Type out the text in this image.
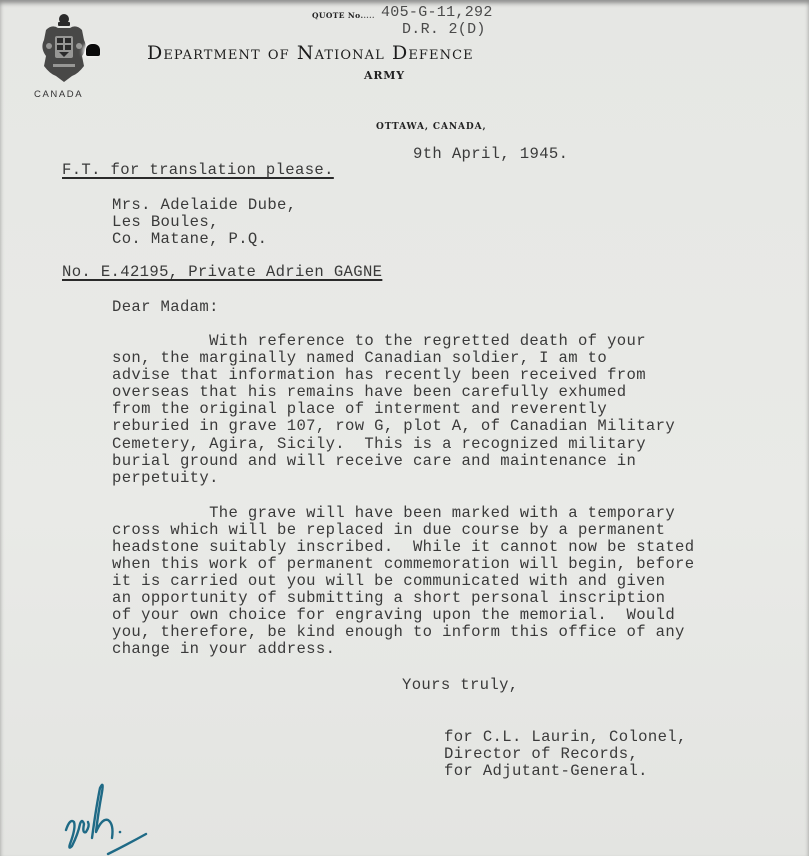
CANADA
QUOTE No..... 405-G-11,292
D.R. 2(D)
Department of National Defence
ARMY
OTTAWA, CANADA,
9th April, 1945.
F.T. for translation please.
Mrs. Adelaide Dube,
Les Boules,
Co. Matane, P.Q.
No. E.42195, Private Adrien GAGNE
Dear Madam:
With reference to the regretted death of your
son, the marginally named Canadian soldier, I am to
advise that information has recently been received from
overseas that his remains have been carefully exhumed
from the original place of interment and reverently
reburied in grave 107, row G, plot A, of Canadian Military
Cemetery, Agira, Sicily.  This is a recognized military
burial ground and will receive care and maintenance in
perpetuity.
The grave will have been marked with a temporary
cross which will be replaced in due course by a permanent
headstone suitably inscribed.  While it cannot now be stated
when this work of permanent commemoration will begin, before
it is carried out you will be communicated with and given
an opportunity of submitting a short personal inscription
of your own choice for engraving upon the memorial.  Would
you, therefore, be kind enough to inform this office of any
change in your address.
Yours truly,
for C.L. Laurin, Colonel,
Director of Records,
for Adjutant-General.
